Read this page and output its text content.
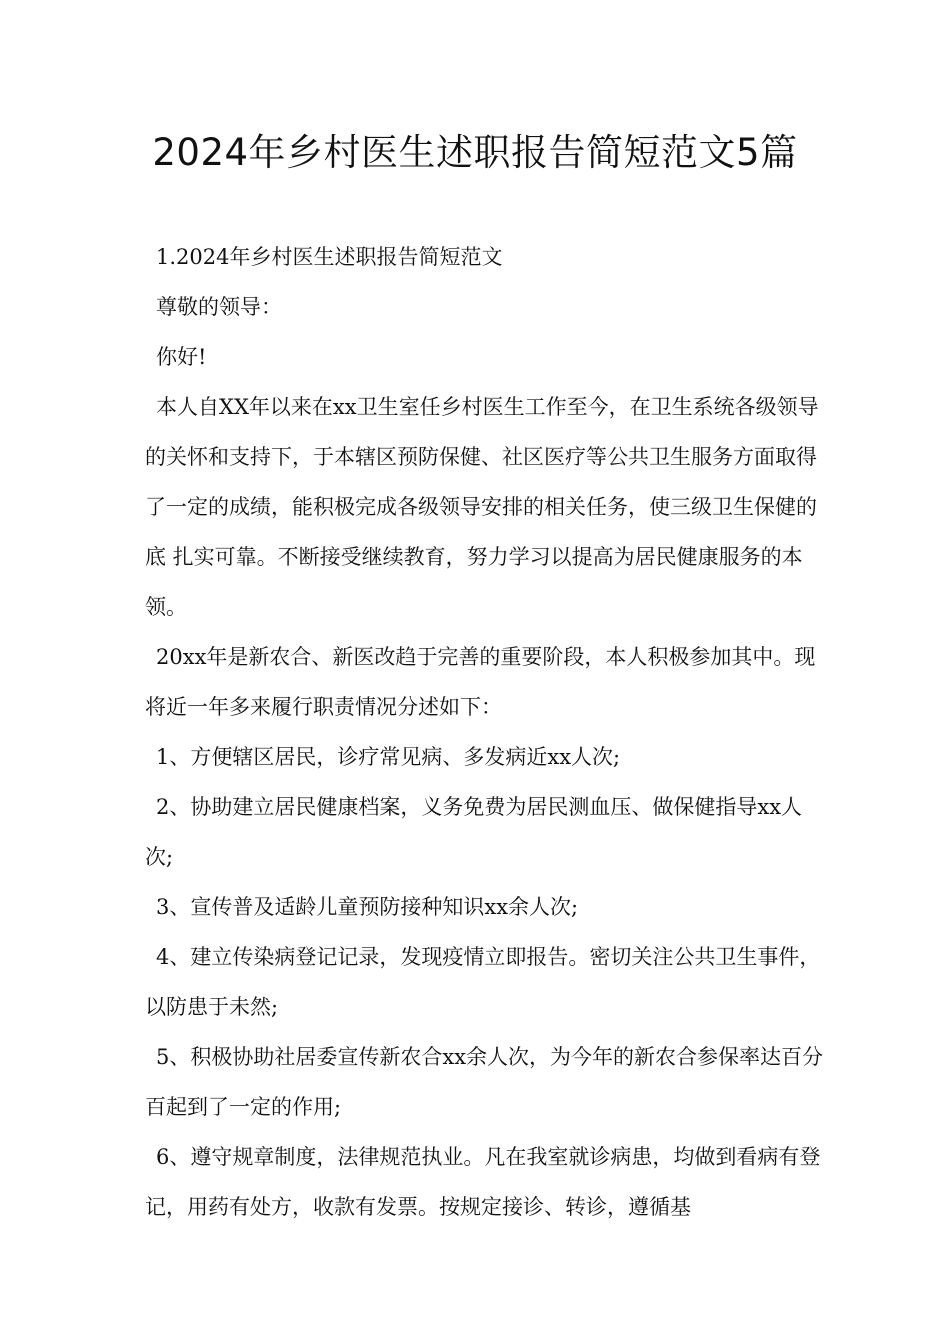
2024年乡村医生述职报告简短范文5篇

1.2024年乡村医生述职报告简短范文

尊敬的领导：

你好!

本人自XX年以来在xx卫生室任乡村医生工作至今，在卫生系统各级领导的关怀和支持下，于本辖区预防保健、社区医疗等公共卫生服务方面取得了一定的成绩，能积极完成各级领导安排的相关任务，使三级卫生保健的 底 扎实可靠。不断接受继续教育，努力学习以提高为居民健康服务的本领。

20xx年是新农合、新医改趋于完善的重要阶段，本人积极参加其中。现将近一年多来履行职责情况分述如下：

1、方便辖区居民，诊疗常见病、多发病近xx人次;

2、协助建立居民健康档案，义务免费为居民测血压、做保健指导xx人次;

3、宣传普及适龄儿童预防接种知识xx余人次;

4、建立传染病登记记录，发现疫情立即报告。密切关注公共卫生事件，以防患于未然;

5、积极协助社居委宣传新农合xx余人次，为今年的新农合参保率达百分百起到了一定的作用;

6、遵守规章制度，法律规范执业。凡在我室就诊病患，均做到看病有登记，用药有处方，收款有发票。按规定接诊、转诊，遵循基
